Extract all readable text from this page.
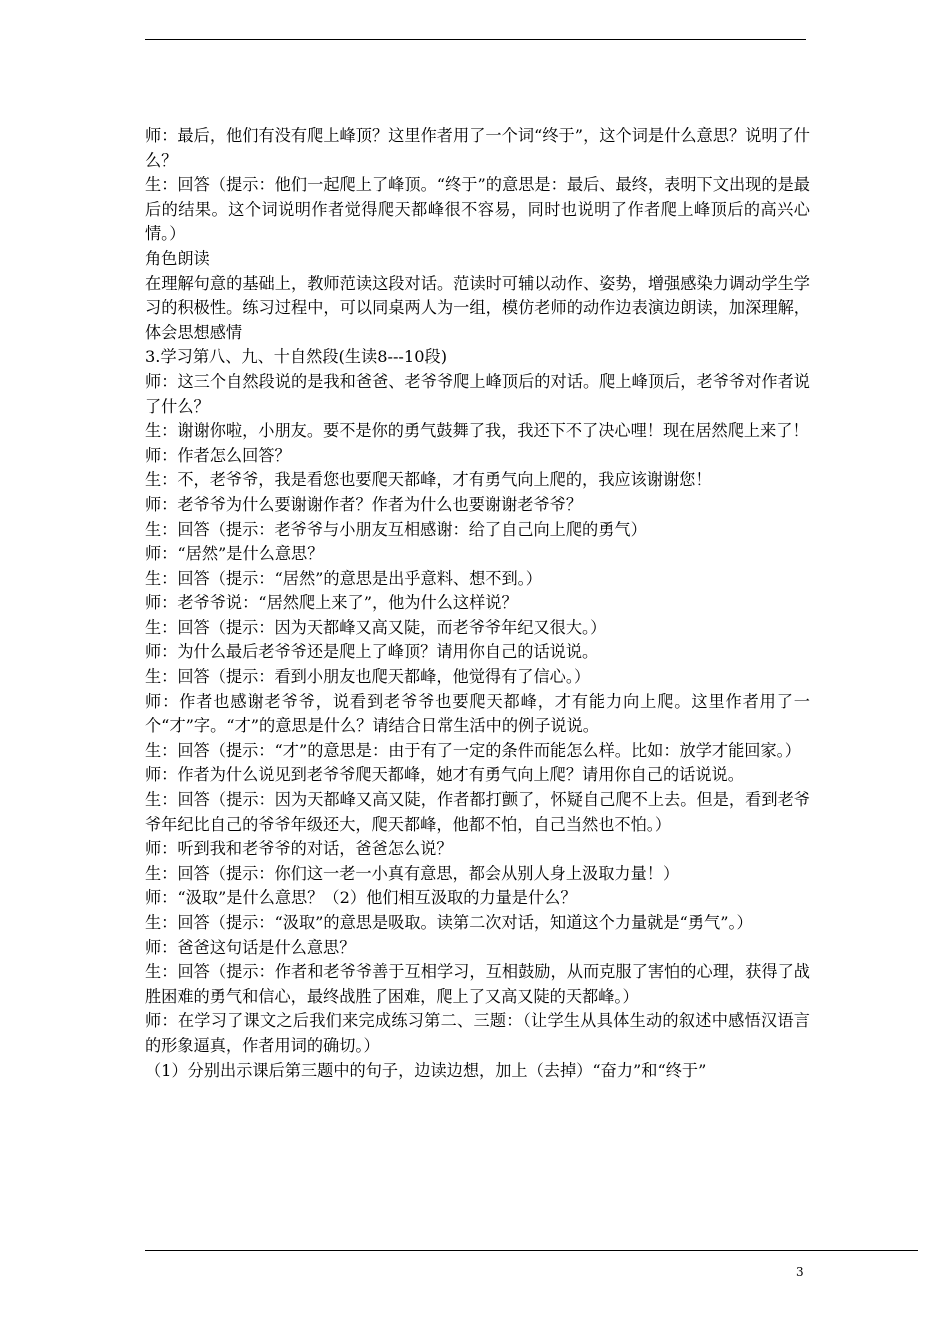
师：最后，他们有没有爬上峰顶？这里作者用了一个词“终于”，这个词是什么意思？说明了什么？

生：回答（提示：他们一起爬上了峰顶。“终于”的意思是：最后、最终，表明下文出现的是最后的结果。这个词说明作者觉得爬天都峰很不容易，同时也说明了作者爬上峰顶后的高兴心情。）

角色朗读

在理解句意的基础上，教师范读这段对话。范读时可辅以动作、姿势，增强感染力调动学生学习的积极性。练习过程中，可以同桌两人为一组，模仿老师的动作边表演边朗读，加深理解，体会思想感情

3.学习第八、九、十自然段(生读8---10段)

师：这三个自然段说的是我和爸爸、老爷爷爬上峰顶后的对话。爬上峰顶后，老爷爷对作者说了什么？

生：谢谢你啦，小朋友。要不是你的勇气鼓舞了我，我还下不了决心哩！现在居然爬上来了！

师：作者怎么回答？

生：不，老爷爷，我是看您也要爬天都峰，才有勇气向上爬的，我应该谢谢您！

师：老爷爷为什么要谢谢作者？作者为什么也要谢谢老爷爷？

生：回答（提示：老爷爷与小朋友互相感谢：给了自己向上爬的勇气）

师：“居然”是什么意思？

生：回答（提示：“居然”的意思是出乎意料、想不到。）

师：老爷爷说：“居然爬上来了”，他为什么这样说？

生：回答（提示：因为天都峰又高又陡，而老爷爷年纪又很大。）

师：为什么最后老爷爷还是爬上了峰顶？请用你自己的话说说。

生：回答（提示：看到小朋友也爬天都峰，他觉得有了信心。）

师：作者也感谢老爷爷，说看到老爷爷也要爬天都峰，才有能力向上爬。这里作者用了一个“才”字。“才”的意思是什么？请结合日常生活中的例子说说。

生：回答（提示：“才”的意思是：由于有了一定的条件而能怎么样。比如：放学才能回家。）

师：作者为什么说见到老爷爷爬天都峰，她才有勇气向上爬？请用你自己的话说说。

生：回答（提示：因为天都峰又高又陡，作者都打颤了，怀疑自己爬不上去。但是，看到老爷爷年纪比自己的爷爷年级还大，爬天都峰，他都不怕，自己当然也不怕。）

师：听到我和老爷爷的对话，爸爸怎么说？

生：回答（提示：你们这一老一小真有意思，都会从别人身上汲取力量！）

师：“汲取”是什么意思？（2）他们相互汲取的力量是什么？

生：回答（提示：“汲取”的意思是吸取。读第二次对话，知道这个力量就是“勇气”。）

师：爸爸这句话是什么意思？

生：回答（提示：作者和老爷爷善于互相学习，互相鼓励，从而克服了害怕的心理，获得了战胜困难的勇气和信心，最终战胜了困难，爬上了又高又陡的天都峰。）

师：在学习了课文之后我们来完成练习第二、三题：（让学生从具体生动的叙述中感悟汉语言的形象逼真，作者用词的确切。）

（1）分别出示课后第三题中的句子，边读边想，加上（去掉）“奋力”和“终于”

3
